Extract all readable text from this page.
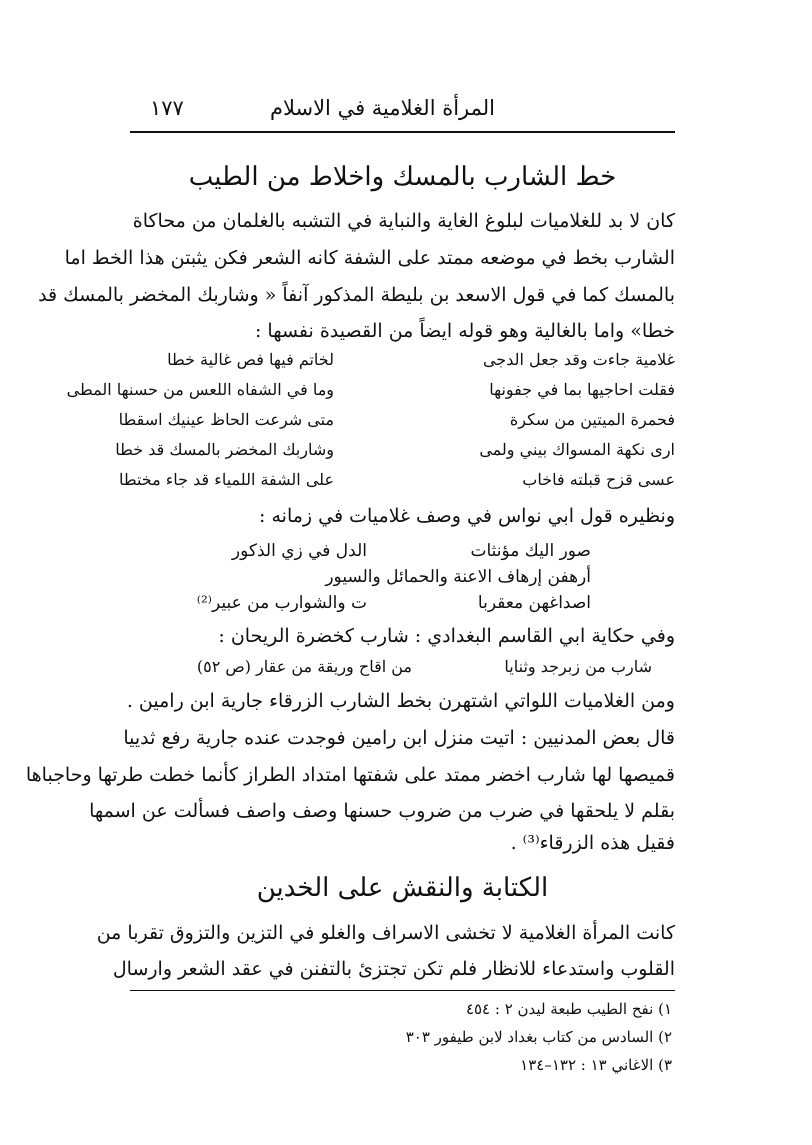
المرأة الغلامية في الاسلام
١٧٧
خط الشارب بالمسك واخلاط من الطيب
كان لا بد للغلاميات لبلوغ الغاية والنباية في التشبه بالغلمان من محاكاة
الشارب بخط في موضعه ممتد على الشفة كانه الشعر فكن يثبتن هذا الخط اما
بالمسك كما في قول الاسعد بن بليطة المذكور آنفاً « وشاربك المخضر بالمسك قد
خطا» واما بالغالية وهو قوله ايضاً من القصيدة نفسها :
غلامية جاءت وقد جعل الدجى
لخاتم فيها فص غالية خطا
فقلت احاجيها بما في جفونها
وما في الشفاه اللعس من حسنها المطى
فحمرة الميتين من سكرة
متى شرعت الحاظ عينيك اسقطا
ارى نكهة المسواك بيني ولمى
وشاربك المخضر بالمسك قد خطا
عسى قزح قبلته فاخاب
على الشفة اللمياء قد جاء مختطا
ونظيره قول ابي نواس في وصف غلاميات في زمانه :
صور اليك مؤنثات
الدل في زي الذكور
أرهفن إرهاف الاعنة والحمائل والسيور
اصداغهن معقربا
ت والشوارب من عبير⁽²⁾
وفي حكاية ابي القاسم البغدادي : شارب كخضرة الريحان :
شارب من زبرجد وثنايا
من اقاح وريقة من عقار (ص ٥٢)
ومن الغلاميات اللواتي اشتهرن بخط الشارب الزرقاء جارية ابن رامين .
قال بعض المدنيين : اتيت منزل ابن رامين فوجدت عنده جارية رفع ثدييا
قميصها لها شارب اخضر ممتد على شفتها امتداد الطراز كأنما خطت طرتها وحاجباها
بقلم لا يلحقها في ضرب من ضروب حسنها وصف واصف فسألت عن اسمها
فقيل هذه الزرقاء⁽³⁾ .
الكتابة والنقش على الخدين
كانت المرأة الغلامية لا تخشى الاسراف والغلو في التزين والتزوق تقربا من
القلوب واستدعاء للانظار فلم تكن تجتزئ بالتفنن في عقد الشعر وارسال
١) نفح الطيب طبعة ليدن ٢ : ٤٥٤
٢) السادس من كتاب بغداد لابن طيفور ٣٠٣
٣) الاغاني ١٣ : ١٣٢–١٣٤
